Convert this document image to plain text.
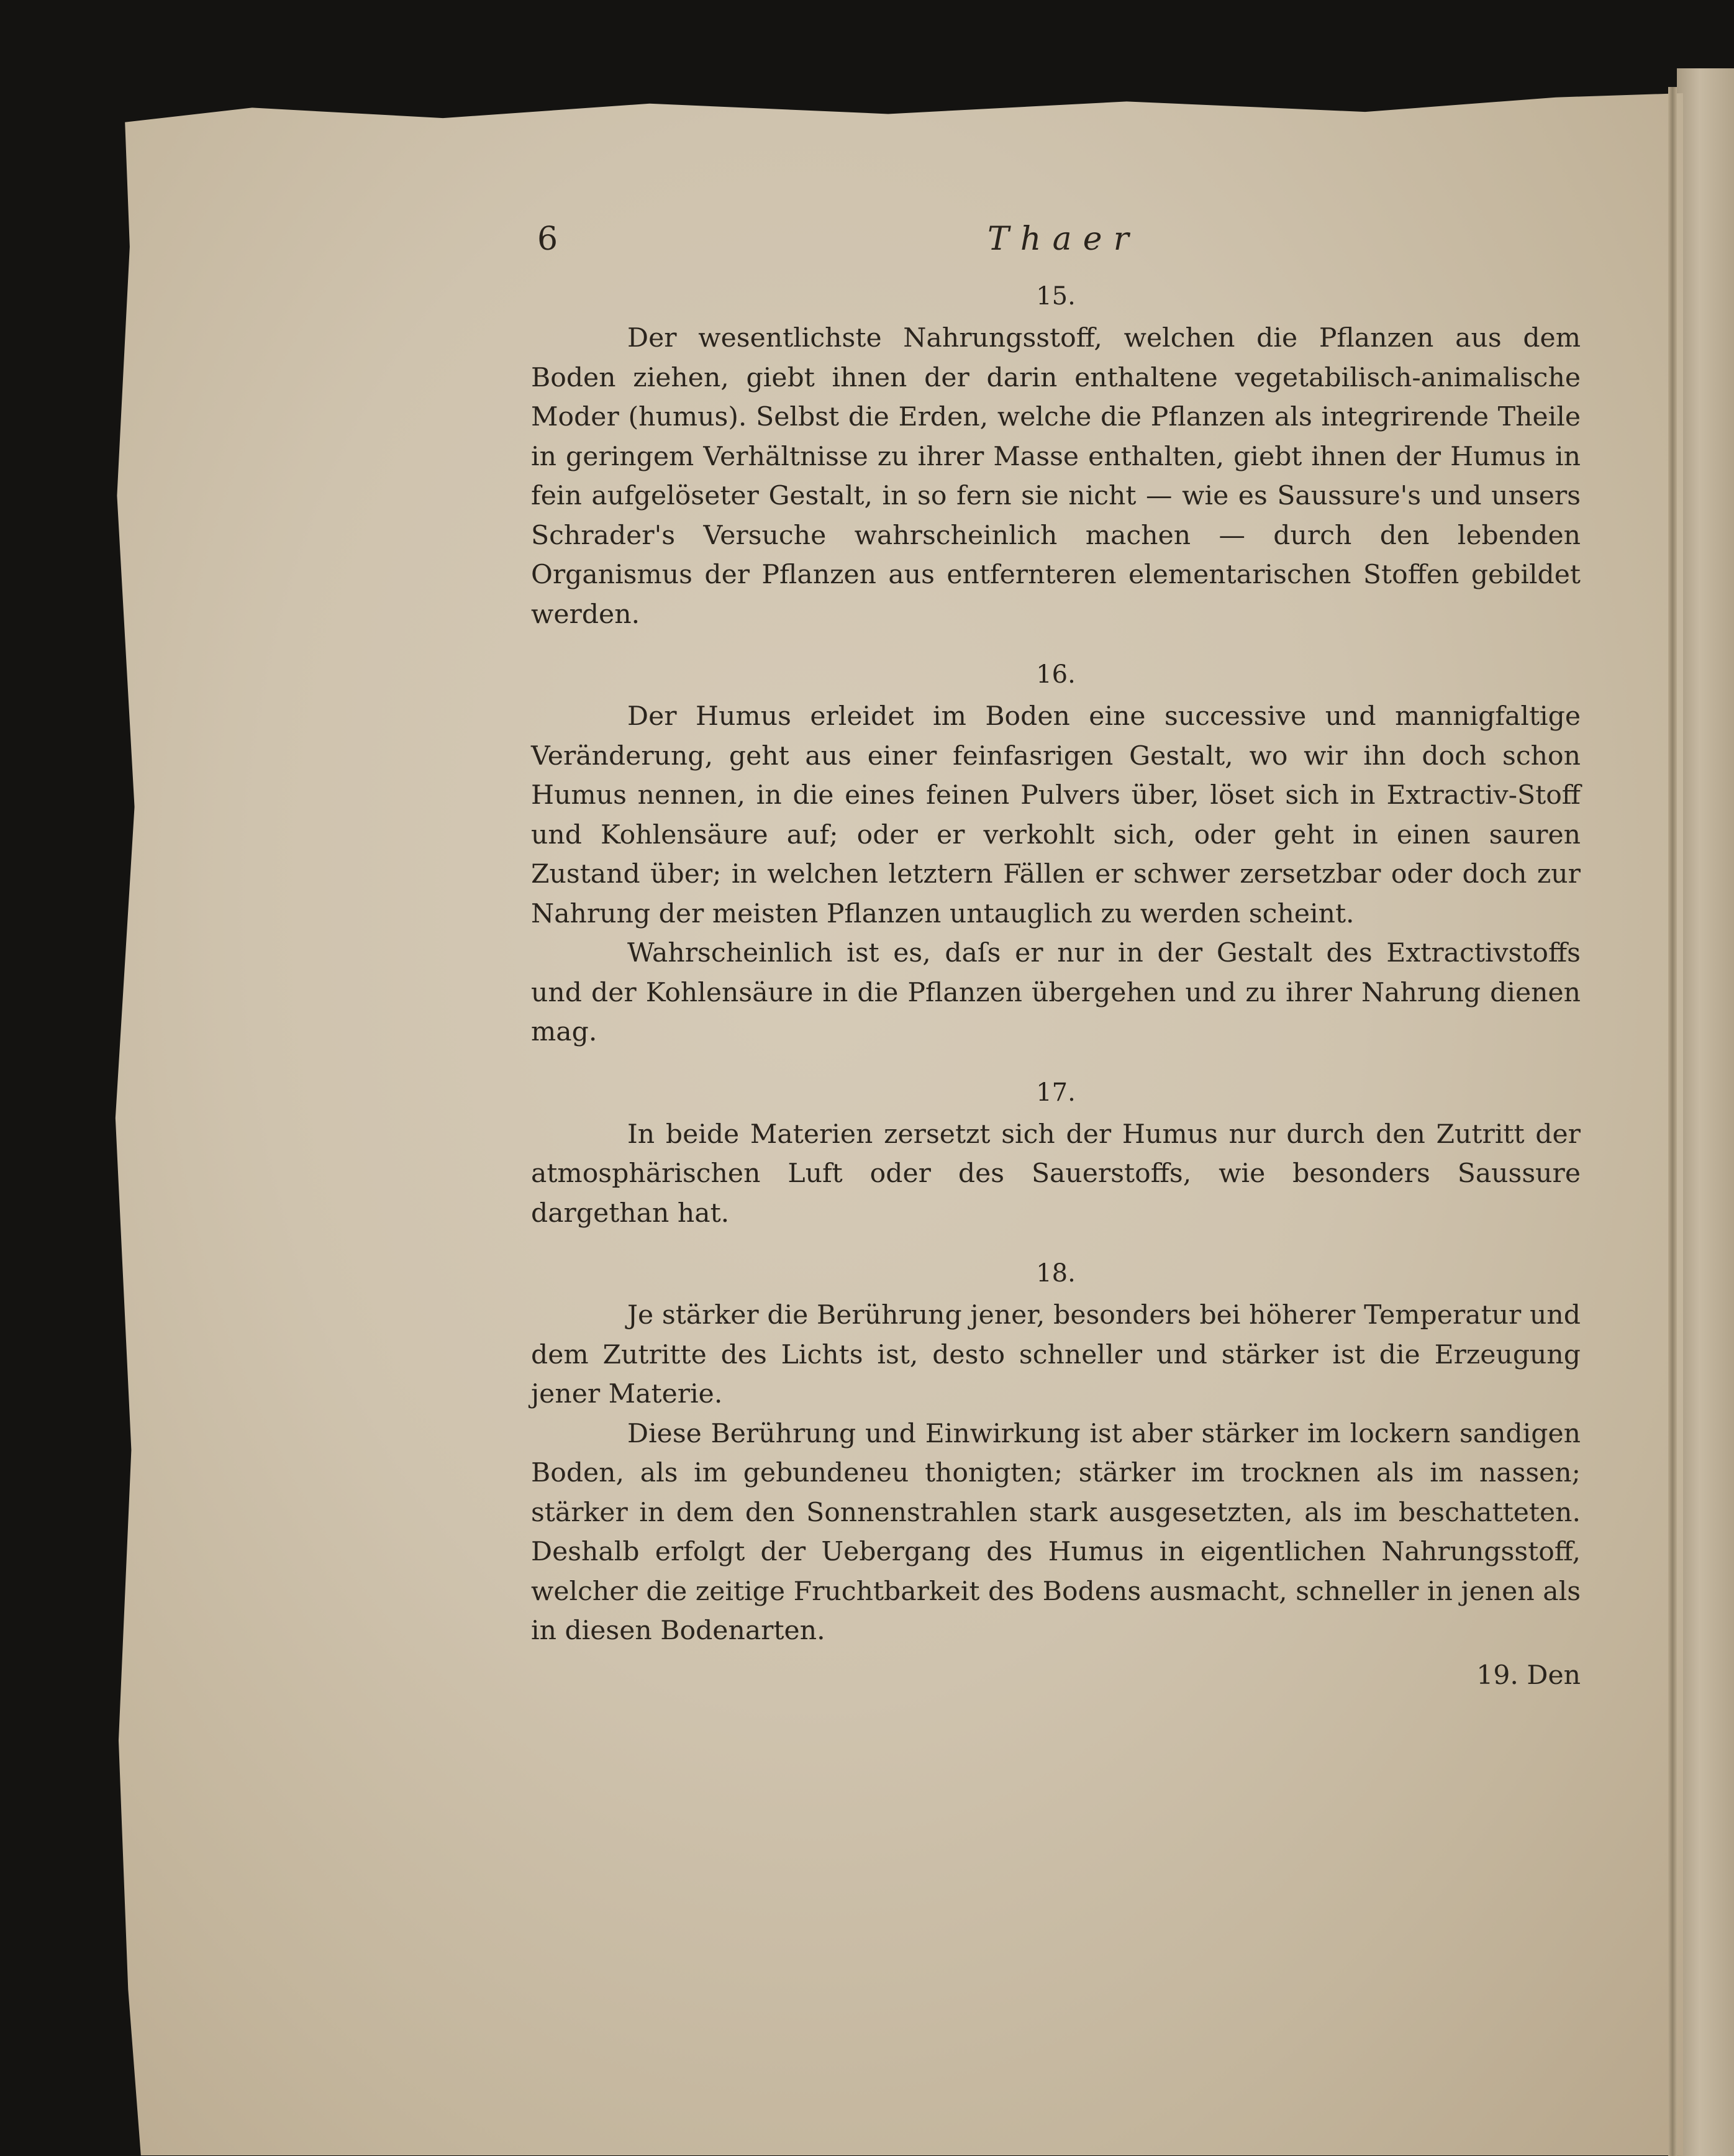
6	Thaer
15.

Der wesentlichste Nahrungsstoff, welchen die Pflanzen aus dem Boden ziehen, giebt ihnen der darin enthaltene vegetabilisch-animalische Moder (humus). Selbst die Erden, welche die Pflanzen als integrirende Theile in geringem Verhältnisse zu ihrer Masse enthalten, giebt ihnen der Humus in fein aufgelöseter Gestalt, in so fern sie nicht — wie es Saussure's und unsers Schrader's Versuche wahrscheinlich machen — durch den lebenden Organismus der Pflanzen aus entfernteren elementarischen Stoffen gebildet werden.

16.

Der Humus erleidet im Boden eine successive und mannigfaltige Veränderung, geht aus einer feinfasrigen Gestalt, wo wir ihn doch schon Humus nennen, in die eines feinen Pulvers über, löset sich in Extractiv-Stoff und Kohlensäure auf; oder er verkohlt sich, oder geht in einen sauren Zustand über; in welchen letztern Fällen er schwer zersetzbar oder doch zur Nahrung der meisten Pflanzen untauglich zu werden scheint.

Wahrscheinlich ist es, daſs er nur in der Gestalt des Extractivstoffs und der Kohlensäure in die Pflanzen übergehen und zu ihrer Nahrung dienen mag.

17.

In beide Materien zersetzt sich der Humus nur durch den Zutritt der atmosphärischen Luft oder des Sauerstoffs, wie besonders Saussure dargethan hat.

18.

Je stärker die Berührung jener, besonders bei höherer Temperatur und dem Zutritte des Lichts ist, desto schneller und stärker ist die Erzeugung jener Materie.

Diese Berührung und Einwirkung ist aber stärker im lockern sandigen Boden, als im gebundeneu thonigten; stärker im trocknen als im nassen; stärker in dem den Sonnenstrahlen stark ausgesetzten, als im beschatteten. Deshalb erfolgt der Uebergang des Humus in eigentlichen Nahrungsstoff, welcher die zeitige Fruchtbarkeit des Bodens ausmacht, schneller in jenen als in diesen Bodenarten.

19. Den
